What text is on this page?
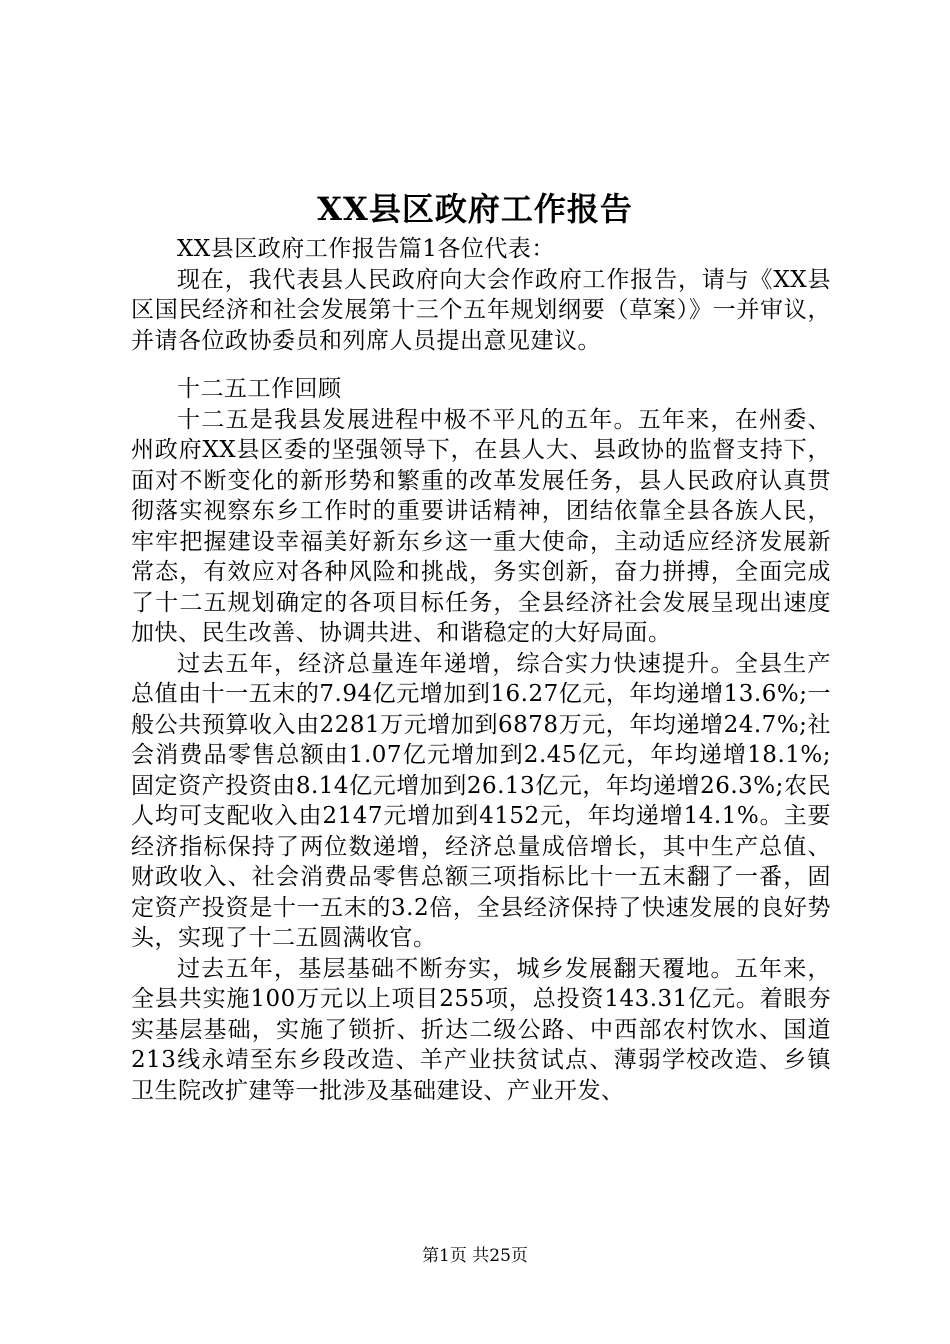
XX县区政府工作报告

XX县区政府工作报告篇1各位代表：

现在，我代表县人民政府向大会作政府工作报告，请与《XX县区国民经济和社会发展第十三个五年规划纲要（草案）》一并审议，并请各位政协委员和列席人员提出意见建议。

十二五工作回顾

十二五是我县发展进程中极不平凡的五年。五年来，在州委、州政府XX县区委的坚强领导下，在县人大、县政协的监督支持下，面对不断变化的新形势和繁重的改革发展任务，县人民政府认真贯彻落实视察东乡工作时的重要讲话精神，团结依靠全县各族人民，牢牢把握建设幸福美好新东乡这一重大使命，主动适应经济发展新常态，有效应对各种风险和挑战，务实创新，奋力拼搏，全面完成了十二五规划确定的各项目标任务，全县经济社会发展呈现出速度加快、民生改善、协调共进、和谐稳定的大好局面。

过去五年，经济总量连年递增，综合实力快速提升。全县生产总值由十一五末的7.94亿元增加到16.27亿元，年均递增13.6%;一般公共预算收入由2281万元增加到6878万元，年均递增24.7%;社会消费品零售总额由1.07亿元增加到2.45亿元，年均递增18.1%;固定资产投资由8.14亿元增加到26.13亿元，年均递增26.3%;农民人均可支配收入由2147元增加到4152元，年均递增14.1%。主要经济指标保持了两位数递增，经济总量成倍增长，其中生产总值、财政收入、社会消费品零售总额三项指标比十一五末翻了一番，固定资产投资是十一五末的3.2倍，全县经济保持了快速发展的良好势头，实现了十二五圆满收官。

过去五年，基层基础不断夯实，城乡发展翻天覆地。五年来，全县共实施100万元以上项目255项，总投资143.31亿元。着眼夯实基层基础，实施了锁折、折达二级公路、中西部农村饮水、国道213线永靖至东乡段改造、羊产业扶贫试点、薄弱学校改造、乡镇卫生院改扩建等一批涉及基础建设、产业开发、

第1页 共25页
